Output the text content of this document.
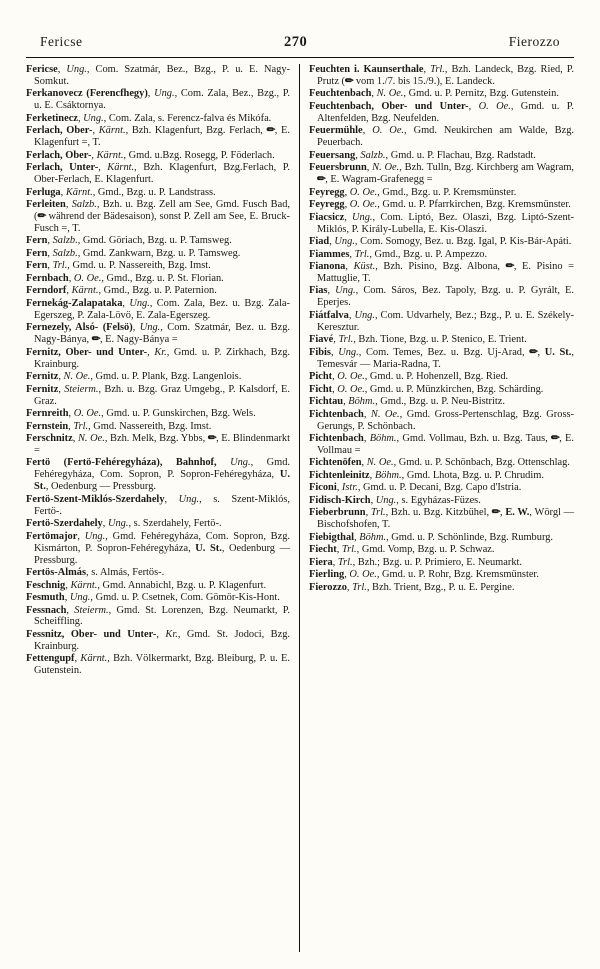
Fericse	270	Fierozzo
Fericse, Ung., Com. Szatmár, Bez., Bzg., P. u. E. Nagy-Somkut.
Ferkanovecz (Ferencfhegy), Ung., Com. Zala, Bez., Bzg., P. u. E. Csáktornya.
Ferketinecz, Ung., Com. Zala, s. Ferencz-falva és Mikófa.
Ferlach, Ober-, Kärnt., Bzh. Klagenfurt, Bzg. Ferlach, ✏, E. Klagenfurt =, T.
Ferlach, Ober-, Kärnt., Gmd. u.Bzg. Rosegg, P. Föderlach.
Ferlach, Unter-, Kärnt., Bzh. Klagenfurt, Bzg.Ferlach, P. Ober-Ferlach, E. Klagenfurt.
Ferluga, Kärnt., Gmd., Bzg. u. P. Landstrass.
Ferleiten, Salzb., Bzh. u. Bzg. Zell am See, Gmd. Fusch Bad, (✏ während der Bädesaison), sonst P. Zell am See, E. Bruck-Fusch =, T.
Fern, Salzb., Gmd. Göriach, Bzg. u. P. Tamsweg.
Fern, Salzb., Gmd. Zankwarn, Bzg. u. P. Tamsweg.
Fern, Trl., Gmd. u. P. Nassereith, Bzg. Imst.
Fernbach, O. Oe., Gmd., Bzg. u. P. St. Florian.
Ferndorf, Kärnt., Gmd., Bzg. u. P. Paternion.
Fernekág-Zalapataka, Ung., Com. Zala, Bez. u. Bzg. Zala-Egerszeg, P. Zala-Lövö, E. Zala-Egerszeg.
Fernezely, Alsó- (Felsö), Ung., Com. Szatmár, Bez. u. Bzg. Nagy-Bánya, ✏, E. Nagy-Bánya =
Fernitz, Ober- und Unter-, Kr., Gmd. u. P. Zirkhach, Bzg. Krainburg.
Fernitz, N. Oe., Gmd. u. P. Plank, Bzg. Langenlois.
Fernitz, Steierm., Bzh. u. Bzg. Graz Umgebg., P. Kalsdorf, E. Graz.
Fernreith, O. Oe., Gmd. u. P. Gunskirchen, Bzg. Wels.
Fernstein, Trl., Gmd. Nassereith, Bzg. Imst.
Ferschnitz, N. Oe., Bzh. Melk, Bzg. Ybbs, ✏, E. Blindenmarkt =
Fertö (Fertö-Fehéregyháza), Bahnhof, Ung., Gmd. Fehéregyháza, Com. Sopron, P. Sopron-Fehéregyháza, U. St., Oedenburg — Pressburg.
Fertö-Szent-Miklós-Szerdahely, Ung., s. Szent-Miklós, Fertö-.
Fertö-Szerdahely, Ung., s. Szerdahely, Fertö-.
Fertömajor, Ung., Gmd. Fehéregyháza, Com. Sopron, Bzg. Kismárton, P. Sopron-Fehéregyháza, U. St., Oedenburg — Pressburg.
Fertös-Almás, s. Almás, Fertös-.
Feschnig, Kärnt., Gmd. Annabichl, Bzg. u. P. Klagenfurt.
Fesmuth, Ung., Gmd. u. P. Csetnek, Com. Gömör-Kis-Hont.
Fessnach, Steierm., Gmd. St. Lorenzen, Bzg. Neumarkt, P. Scheiffling.
Fessnitz, Ober- und Unter-, Kr., Gmd. St. Jodoci, Bzg. Krainburg.
Fettengupf, Kärnt., Bzh. Völkermarkt, Bzg. Bleiburg, P. u. E. Gutenstein.
Feuchten i. Kaunserthale, Trl., Bzh. Landeck, Bzg. Ried, P. Prutz (✏ vom 1./7. bis 15./9.), E. Landeck.
Feuchtenbach, N. Oe., Gmd. u. P. Pernitz, Bzg. Gutenstein.
Feuchtenbach, Ober- und Unter-, O. Oe., Gmd. u. P. Altenfelden, Bzg. Neufelden.
Feuermühle, O. Oe., Gmd. Neukirchen am Walde, Bzg. Peuerbach.
Feuersang, Salzb., Gmd. u. P. Flachau, Bzg. Radstadt.
Feuersbrunn, N. Oe., Bzh. Tulln, Bzg. Kirchberg am Wagram, ✏, E. Wagram-Grafenegg =
Feyregg, O. Oe., Gmd., Bzg. u. P. Kremsmünster.
Feyregg, O. Oe., Gmd. u. P. Pfarrkirchen, Bzg. Kremsmünster.
Fiacsicz, Ung., Com. Liptó, Bez. Olaszi, Bzg. Liptó-Szent-Miklós, P. Király-Lubella, E. Kis-Olaszi.
Fiad, Ung., Com. Somogy, Bez. u. Bzg. Igal, P. Kis-Bár-Apáti.
Fiammes, Trl., Gmd., Bzg. u. P. Ampezzo.
Fianona, Küst., Bzh. Pisino, Bzg. Albona, ✏, E. Pisino = Mattuglie, T.
Fias, Ung., Com. Sáros, Bez. Tapoly, Bzg. u. P. Gyrált, E. Eperjes.
Fiátfalva, Ung., Com. Udvarhely, Bez.; Bzg., P. u. E. Székely-Keresztur.
Fiavé, Trl., Bzh. Tione, Bzg. u. P. Stenico, E. Trient.
Fibis, Ung., Com. Temes, Bez. u. Bzg. Uj-Arad, ✏, U. St., Temesvár — Maria-Radna, T.
Picht, O. Oe., Gmd. u. P. Hohenzell, Bzg. Ried.
Ficht, O. Oe., Gmd. u. P. Münzkirchen, Bzg. Schärding.
Fichtau, Böhm., Gmd., Bzg. u. P. Neu-Bistritz.
Fichtenbach, N. Oe., Gmd. Gross-Pertenschlag, Bzg. Gross-Gerungs, P. Schönbach.
Fichtenbach, Böhm., Gmd. Vollmau, Bzh. u. Bzg. Taus, ✏, E. Vollmau =
Fichtenöfen, N. Oe., Gmd. u. P. Schönbach, Bzg. Ottenschlag.
Fichtenleinitz, Böhm., Gmd. Lhota, Bzg. u. P. Chrudim.
Ficoni, Istr., Gmd. u. P. Decani, Bzg. Capo d'Istria.
Fidisch-Kirch, Ung., s. Egyházas-Füzes.
Fieberbrunn, Trl., Bzh. u. Bzg. Kitzbühel, ✏, E. W., Wörgl — Bischofshofen, T.
Fiebigthal, Böhm., Gmd. u. P. Schönlinde, Bzg. Rumburg.
Fiecht, Trl., Gmd. Vomp, Bzg. u. P. Schwaz.
Fiera, Trl., Bzh.; Bzg. u. P. Primiero, E. Neumarkt.
Fierling, O. Oe., Gmd. u. P. Rohr, Bzg. Kremsmünster.
Fierozzo, Trl., Bzh. Trient, Bzg., P. u. E. Pergine.
